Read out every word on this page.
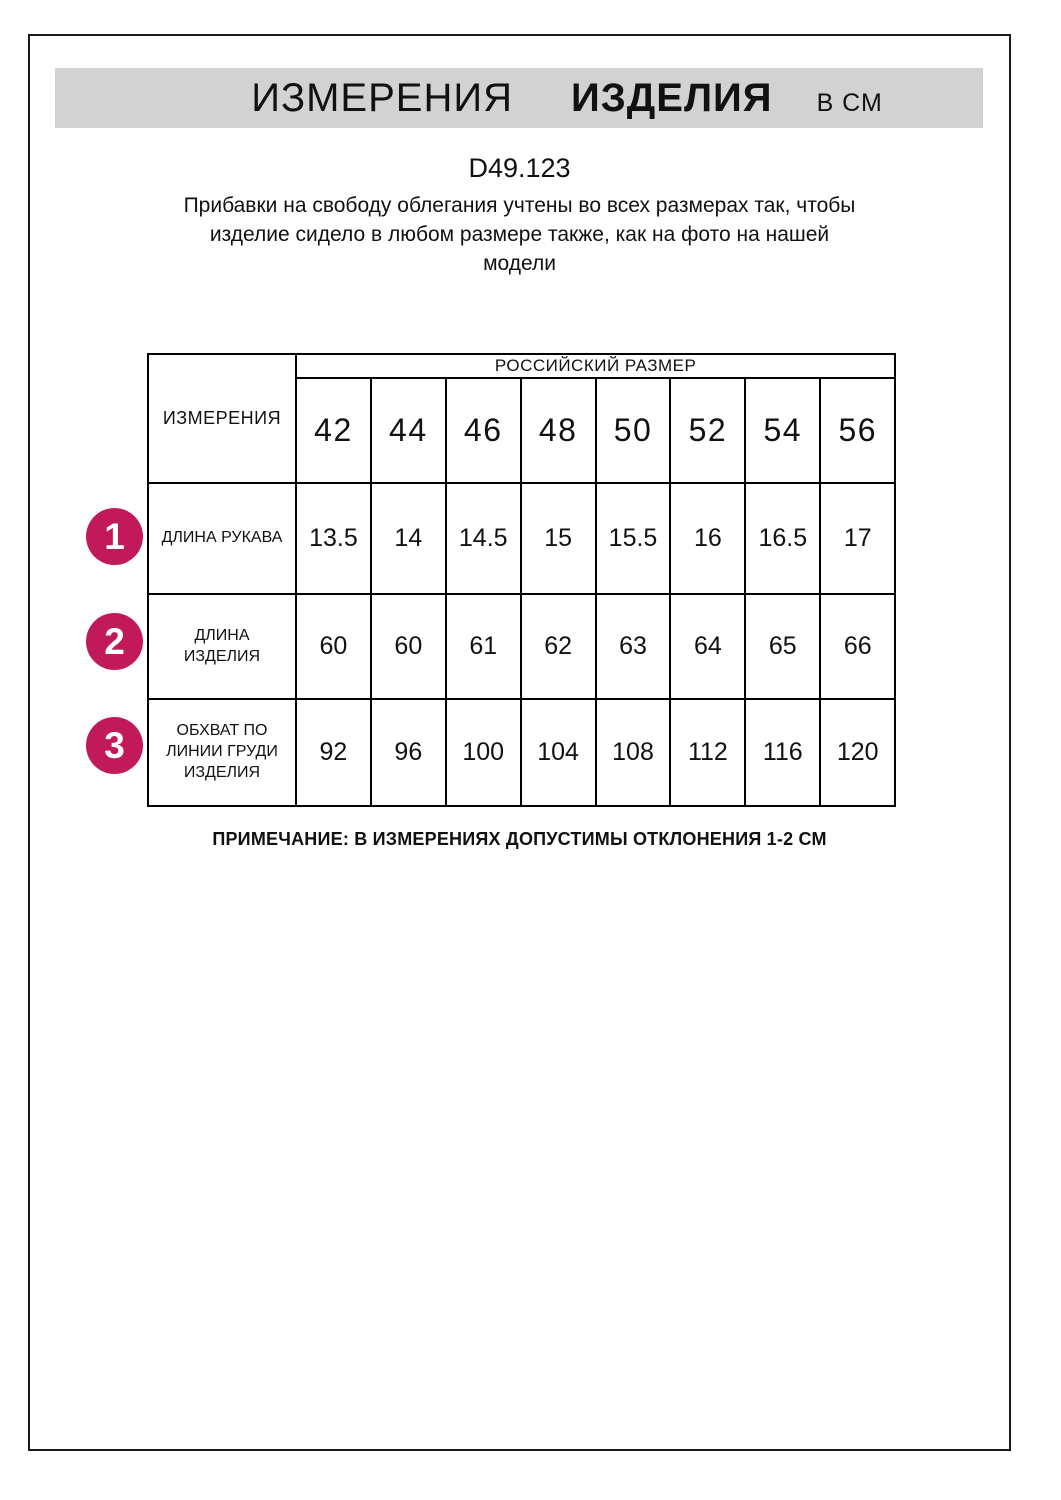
ИЗМЕРЕНИЯ ИЗДЕЛИЯ В СМ
D49.123
Прибавки на свободу облегания учтены во всех размерах так, чтобы
изделие сидело в любом размере также, как на фото на нашей
модели
ИЗМЕРЕНИЯ	РОССИЙСКИЙ РАЗМЕР							
	42	44	46	48	50	52	54	56
ДЛИНА РУКАВА	13.5	14	14.5	15	15.5	16	16.5	17
ДЛИНА
ИЗДЕЛИЯ	60	60	61	62	63	64	65	66
ОБХВАТ ПО
ЛИНИИ ГРУДИ
ИЗДЕЛИЯ	92	96	100	104	108	112	116	120
1
2
3
ПРИМЕЧАНИЕ: В ИЗМЕРЕНИЯХ ДОПУСТИМЫ ОТКЛОНЕНИЯ 1-2 СМ
